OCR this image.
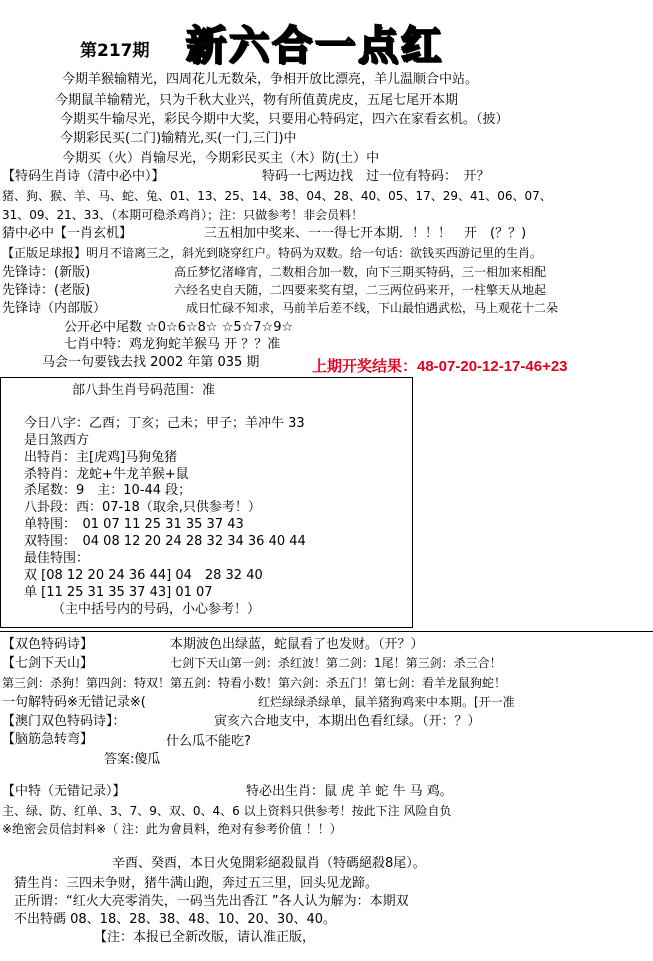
第217期 新六合一点红
今期羊猴输精光，四周花儿无数朵，争相开放比漂亮，羊儿温顺合中站。
今期鼠羊输精光，只为千秋大业兴，物有所值黄虎皮，五尾七尾开本期
今期买牛输尽光，彩民今期中大奖，只要用心特码定，四六在家看玄机。（披）
今期彩民买(二门)输精光,买(一门,三门)中
今期买（火）肖输尽光，今期彩民买主（木）防(土）中
【特码生肖诗（清中必中）】	特码一七两边找　过一位有特码：　开？
猪、狗、猴、羊、马、蛇、兔、01、13、25、14、38、04、28、40、05、17、29、41、06、07、
31、09、21、33、（本期可稳杀鸡肖）；注：只做参考！非会员料！
猜中必中【一肖玄机】	三五相加中奖来、一一得七开本期．！！！　开　(？？)
【正版足球报】明月不谙离三之，斜光到晓穿红户。特码为双数。给一句话：欲钱买西游记里的生肖。
先锋诗：(新版)	高丘梦忆渚峰宵，二数相合加一数，向下三期买特码，三一相加来相配
先锋诗：(老版)	六经名史自天随，二四要来奖有望，二三两位码来开，一柱擎天从地起
先锋诗（内部版）	成日忙碌不知求，马前羊后差不线，下山最怕遇武松，马上观花十二朵
公开必中尾数 ☆0☆6☆8☆ ☆5☆7☆9☆
七肖中特：鸡龙狗蛇羊猴马 开 ？？准
马会一句要钱去找 2002 年第 035 期	上期开奖结果：48-07-20-12-17-46+23
部八卦生肖号码范围：准
今日八字：乙酉；丁亥；己未；甲子；羊冲牛 33
是日煞西方
出特肖：主[虎鸡]马狗兔猪
杀特肖：龙蛇+牛龙羊猴+鼠
杀尾数：9　主：10-44 段；
八卦段：西：07-18（取余,只供参考！）
单特围：　01 07 11 25 31 35 37 43
双特围：　04 08 12 20 24 28 32 34 36 40 44
最佳特围：
双 [08 12 20 24 36 44] 04　28 32 40
单 [11 25 31 35 37 43] 01 07
（主中括号内的号码，小心参考！）
【双色特码诗】	本期波色出绿蓝，蛇鼠看了也发财。（开？）
【七剑下天山】	七剑下天山第一剑：杀红波！第二剑：1尾！第三剑：杀三合！
第三剑：杀狗！第四剑：特双！第五剑：特看小数！第六剑：杀五门！第七剑：看羊龙鼠狗蛇！
一句解特码※无错记录※(	红烂绿绿杀绿单，鼠羊猪狗鸡来中本期。[开一准
【澳门双色特码诗】：	寅亥六合地支中，本期出色看红绿。（开：？）
【脑筋急转弯】	什么瓜不能吃?
答案:傻瓜
【中特（无错记录）】	特必出生肖：鼠 虎 羊 蛇 牛 马 鸡。
主、绿、防、红单、3、7、9、双、0、4、6 以上资料只供参考！按此下注 风险自负
※绝密会员信封料※（ 注：此为會員料，绝对有参考价值 ！！）
辛酉、癸酉，本日火兔開彩絕殺鼠肖（特碼絕殺8尾）。
猜生肖：三四未争财，猪牛满山跑，奔过五三里，回头见龙蹄。
正所谓：“红火大亮零消失，一码当先出香江 ”各人认为解为：本期双
不出特碼 08、18、28、38、48、10、20、30、40。
【注：本报已全新改版，请认准正版，
